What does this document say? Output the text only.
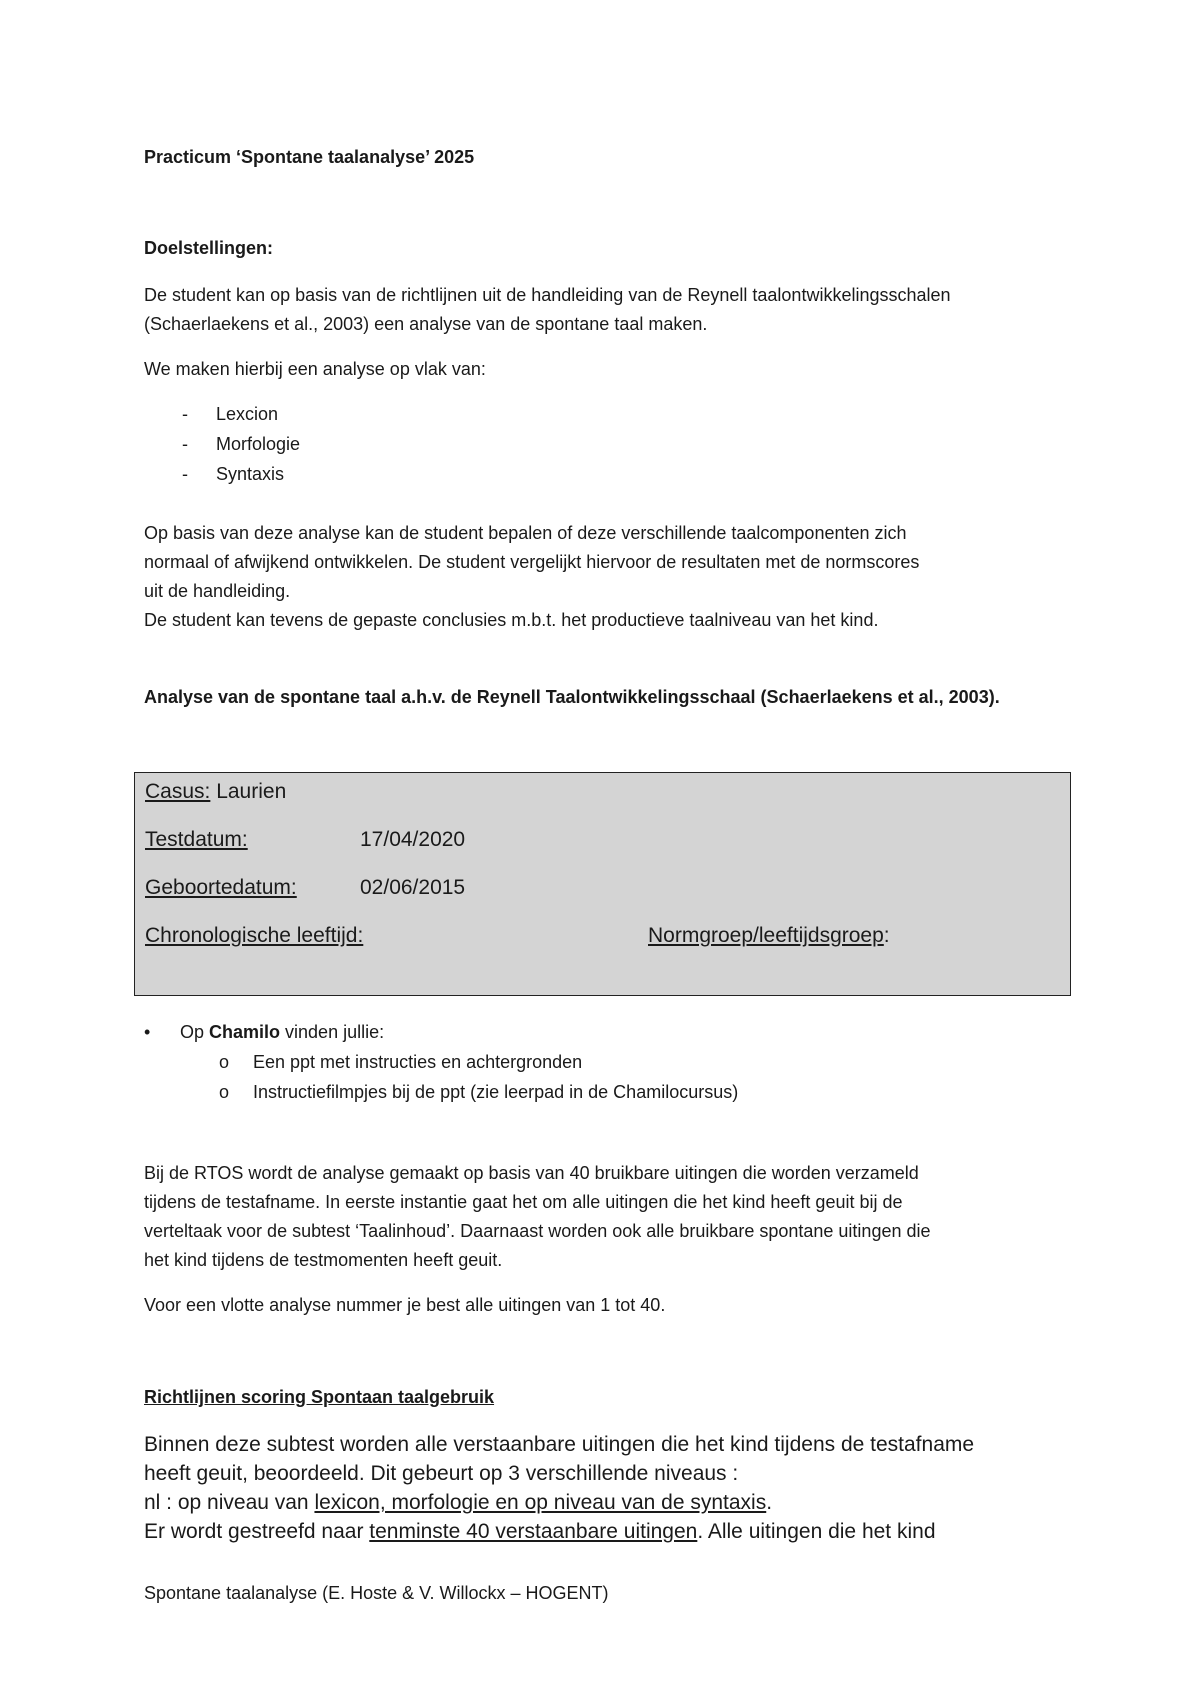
Practicum ‘Spontane taalanalyse’ 2025
Doelstellingen:
De student kan op basis van de richtlijnen uit de handleiding van de Reynell taalontwikkelingsschalen
(Schaerlaekens et al., 2003) een analyse van de spontane taal maken.
We maken hierbij een analyse op vlak van:
- Lexcion
- Morfologie
- Syntaxis
Op basis van deze analyse kan de student bepalen of deze verschillende taalcomponenten zich
normaal of afwijkend ontwikkelen. De student vergelijkt hiervoor de resultaten met de normscores
uit de handleiding.
De student kan tevens de gepaste conclusies m.b.t. het productieve taalniveau van het kind.
Analyse van de spontane taal a.h.v. de Reynell Taalontwikkelingsschaal (Schaerlaekens et al., 2003).
Casus: Laurien
Testdatum:	17/04/2020
Geboortedatum:	02/06/2015
Chronologische leeftijd:	Normgroep/leeftijdsgroep:
• Op Chamilo vinden jullie:
o Een ppt met instructies en achtergronden
o Instructiefilmpjes bij de ppt (zie leerpad in de Chamilocursus)
Bij de RTOS wordt de analyse gemaakt op basis van 40 bruikbare uitingen die worden verzameld
tijdens de testafname. In eerste instantie gaat het om alle uitingen die het kind heeft geuit bij de
verteltaak voor de subtest ‘Taalinhoud’. Daarnaast worden ook alle bruikbare spontane uitingen die
het kind tijdens de testmomenten heeft geuit.
Voor een vlotte analyse nummer je best alle uitingen van 1 tot 40.
Richtlijnen scoring Spontaan taalgebruik
Binnen deze subtest worden alle verstaanbare uitingen die het kind tijdens de testafname
heeft geuit, beoordeeld. Dit gebeurt op 3 verschillende niveaus :
nl : op niveau van lexicon, morfologie en op niveau van de syntaxis.
Er wordt gestreefd naar tenminste 40 verstaanbare uitingen. Alle uitingen die het kind
Spontane taalanalyse (E. Hoste & V. Willockx – HOGENT)
